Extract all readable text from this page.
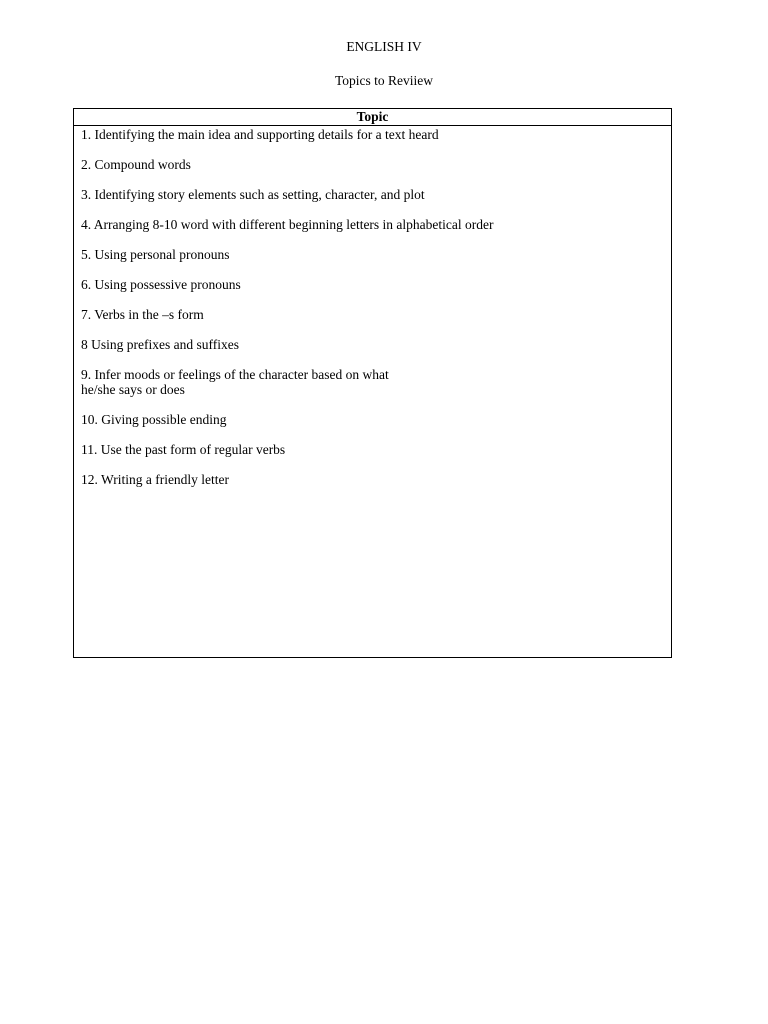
ENGLISH IV
Topics to Reviiew
Topic
1. Identifying the main idea and supporting details for a text heard
2. Compound words
3. Identifying story elements such as setting, character, and plot
4. Arranging 8-10 word with different beginning letters in alphabetical order
5. Using personal pronouns
6. Using possessive pronouns
7. Verbs in the –s form
8 Using prefixes and suffixes
9. Infer moods or feelings of the character based on what
he/she says or does
10. Giving possible ending
11. Use the past form of regular verbs
12. Writing a friendly letter
